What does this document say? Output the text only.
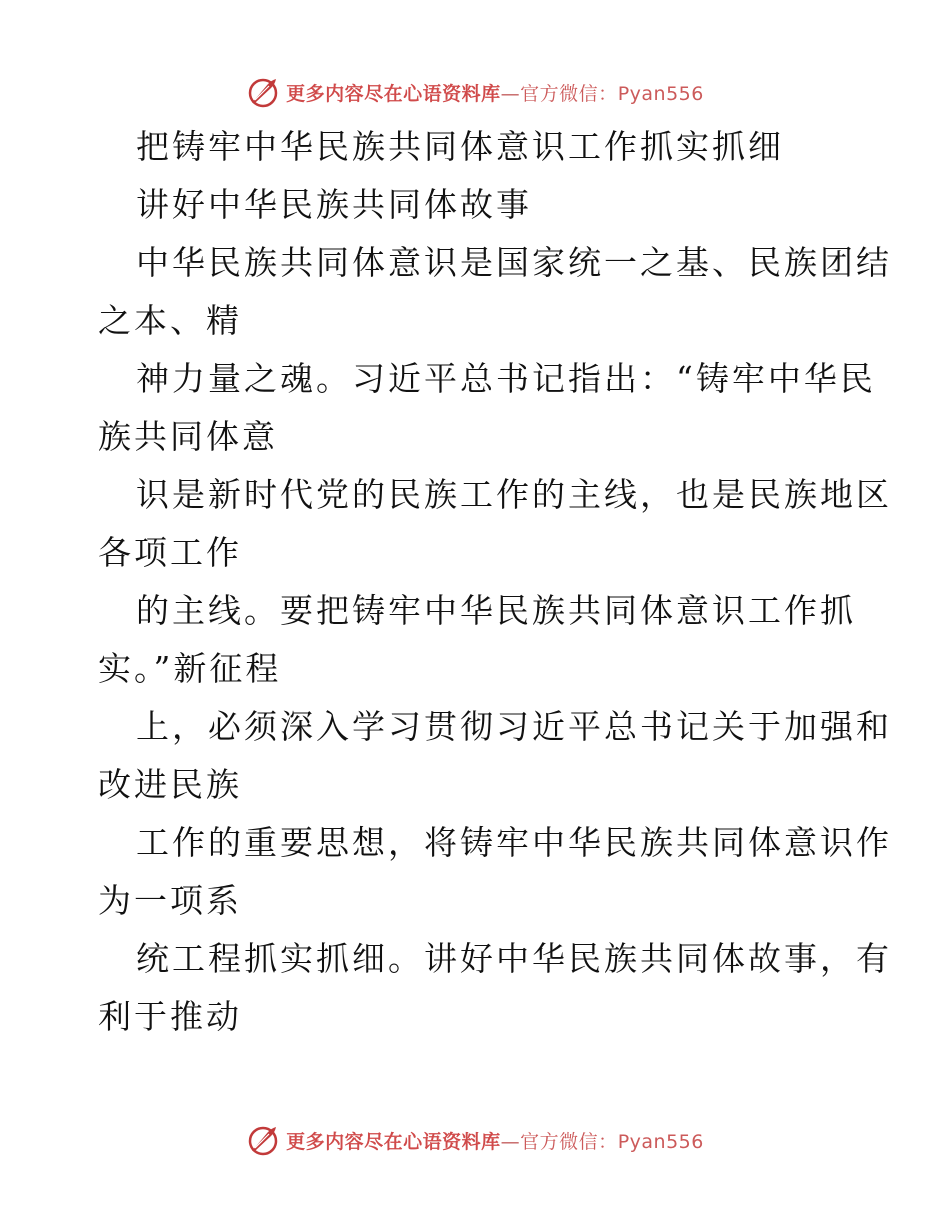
更多内容尽在心语资料库—官方微信：Pyan556
把铸牢中华民族共同体意识工作抓实抓细
讲好中华民族共同体故事
中华民族共同体意识是国家统一之基、民族团结
之本、精
神力量之魂。习近平总书记指出：“铸牢中华民
族共同体意
识是新时代党的民族工作的主线，也是民族地区
各项工作
的主线。要把铸牢中华民族共同体意识工作抓
实。”新征程
上，必须深入学习贯彻习近平总书记关于加强和
改进民族
工作的重要思想，将铸牢中华民族共同体意识作
为一项系
统工程抓实抓细。讲好中华民族共同体故事，有
利于推动
更多内容尽在心语资料库—官方微信：Pyan556
